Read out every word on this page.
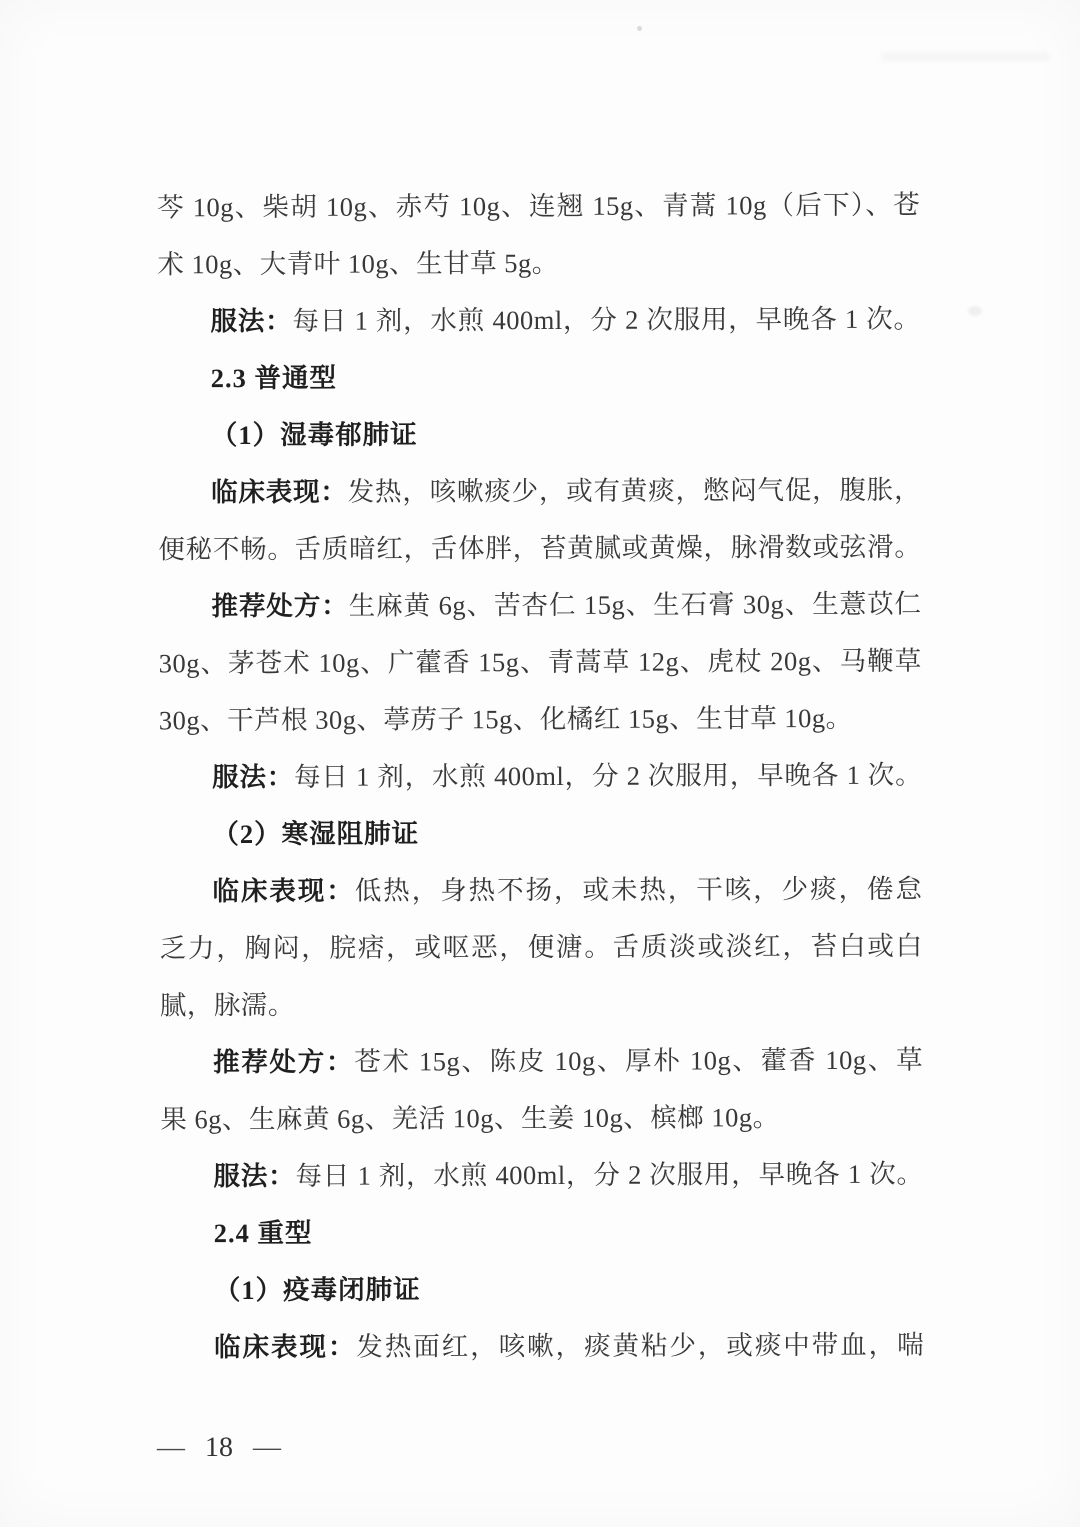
芩 10g、柴胡 10g、赤芍 10g、连翘 15g、青蒿 10g（后下）、苍
术 10g、大青叶 10g、生甘草 5g。
服法：每日 1 剂，水煎 400ml，分 2 次服用，早晚各 1 次。
2.3 普通型
（1）湿毒郁肺证
临床表现：发热，咳嗽痰少，或有黄痰，憋闷气促，腹胀，
便秘不畅。舌质暗红，舌体胖，苔黄腻或黄燥，脉滑数或弦滑。
推荐处方：生麻黄 6g、苦杏仁 15g、生石膏 30g、生薏苡仁
30g、茅苍术 10g、广藿香 15g、青蒿草 12g、虎杖 20g、马鞭草
30g、干芦根 30g、葶苈子 15g、化橘红 15g、生甘草 10g。
服法：每日 1 剂，水煎 400ml，分 2 次服用，早晚各 1 次。
（2）寒湿阻肺证
临床表现：低热，身热不扬，或未热，干咳，少痰，倦怠
乏力，胸闷，脘痞，或呕恶，便溏。舌质淡或淡红，苔白或白
腻，脉濡。
推荐处方：苍术 15g、陈皮 10g、厚朴 10g、藿香 10g、草
果 6g、生麻黄 6g、羌活 10g、生姜 10g、槟榔 10g。
服法：每日 1 剂，水煎 400ml，分 2 次服用，早晚各 1 次。
2.4 重型
（1）疫毒闭肺证
临床表现：发热面红，咳嗽，痰黄粘少，或痰中带血，喘
— 18 —
